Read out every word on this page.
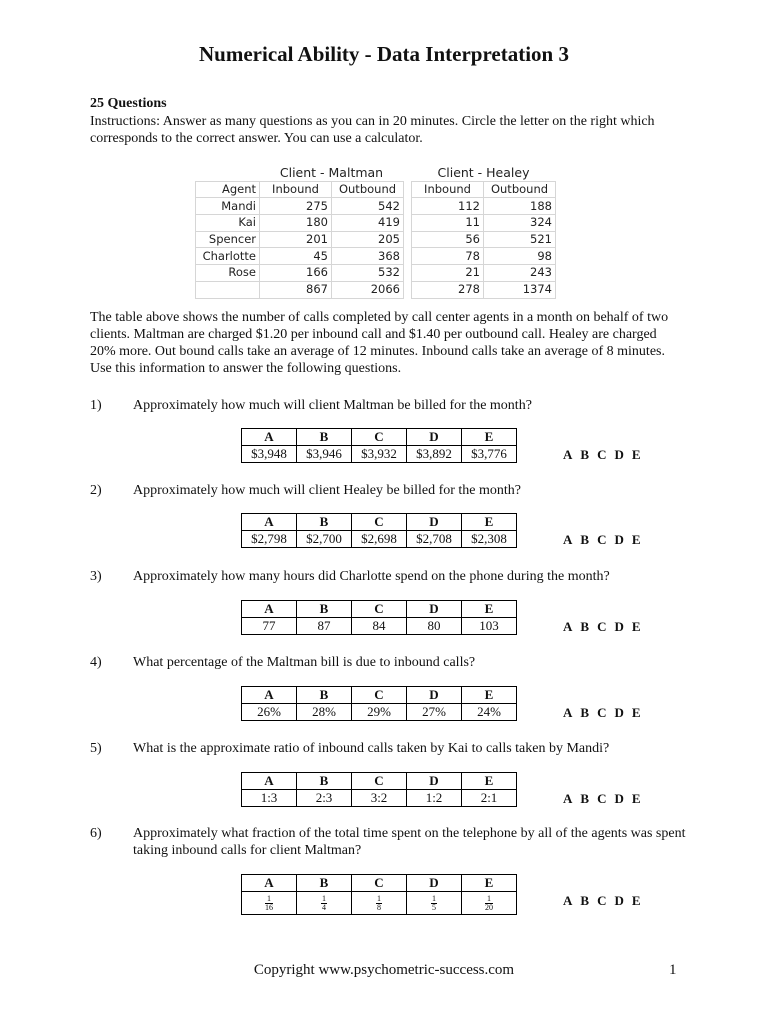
Numerical Ability - Data Interpretation 3
25 Questions
Instructions: Answer as many questions as you can in 20 minutes. Circle the letter on the right which corresponds to the correct answer. You can use a calculator.
	Client - Maltman			Client - Healey	
Agent	Inbound	Outbound		Inbound	Outbound
Mandi	275	542		112	188
Kai	180	419		11	324
Spencer	201	205		56	521
Charlotte	45	368		78	98
Rose	166	532		21	243
	867	2066		278	1374
The table above shows the number of calls completed by call center agents in a month on behalf of two clients. Maltman are charged $1.20 per inbound call and $1.40 per outbound call. Healey are charged 20% more. Out bound calls take an average of 12 minutes. Inbound calls take an average of 8 minutes. Use this information to answer the following questions.
1) Approximately how much will client Maltman be billed for the month?
A	B	C	D	E
$3,948	$3,946	$3,932	$3,892	$3,776	A B C D E
2) Approximately how much will client Healey be billed for the month?
A	B	C	D	E
$2,798	$2,700	$2,698	$2,708	$2,308	A B C D E
3) Approximately how many hours did Charlotte spend on the phone during the month?
A	B	C	D	E
77	87	84	80	103	A B C D E
4) What percentage of the Maltman bill is due to inbound calls?
A	B	C	D	E
26%	28%	29%	27%	24%	A B C D E
5) What is the approximate ratio of inbound calls taken by Kai to calls taken by Mandi?
A	B	C	D	E
1:3	2:3	3:2	1:2	2:1	A B C D E
6) Approximately what fraction of the total time spent on the telephone by all of the agents was spent taking inbound calls for client Maltman?
A	B	C	D	E

$\frac{1}{16}$	$\frac{1}{4}$	$\frac{1}{8}$	$\frac{1}{5}$	$\frac{1}{20}$	A B C D E
Copyright www.psychometric-success.com	1
